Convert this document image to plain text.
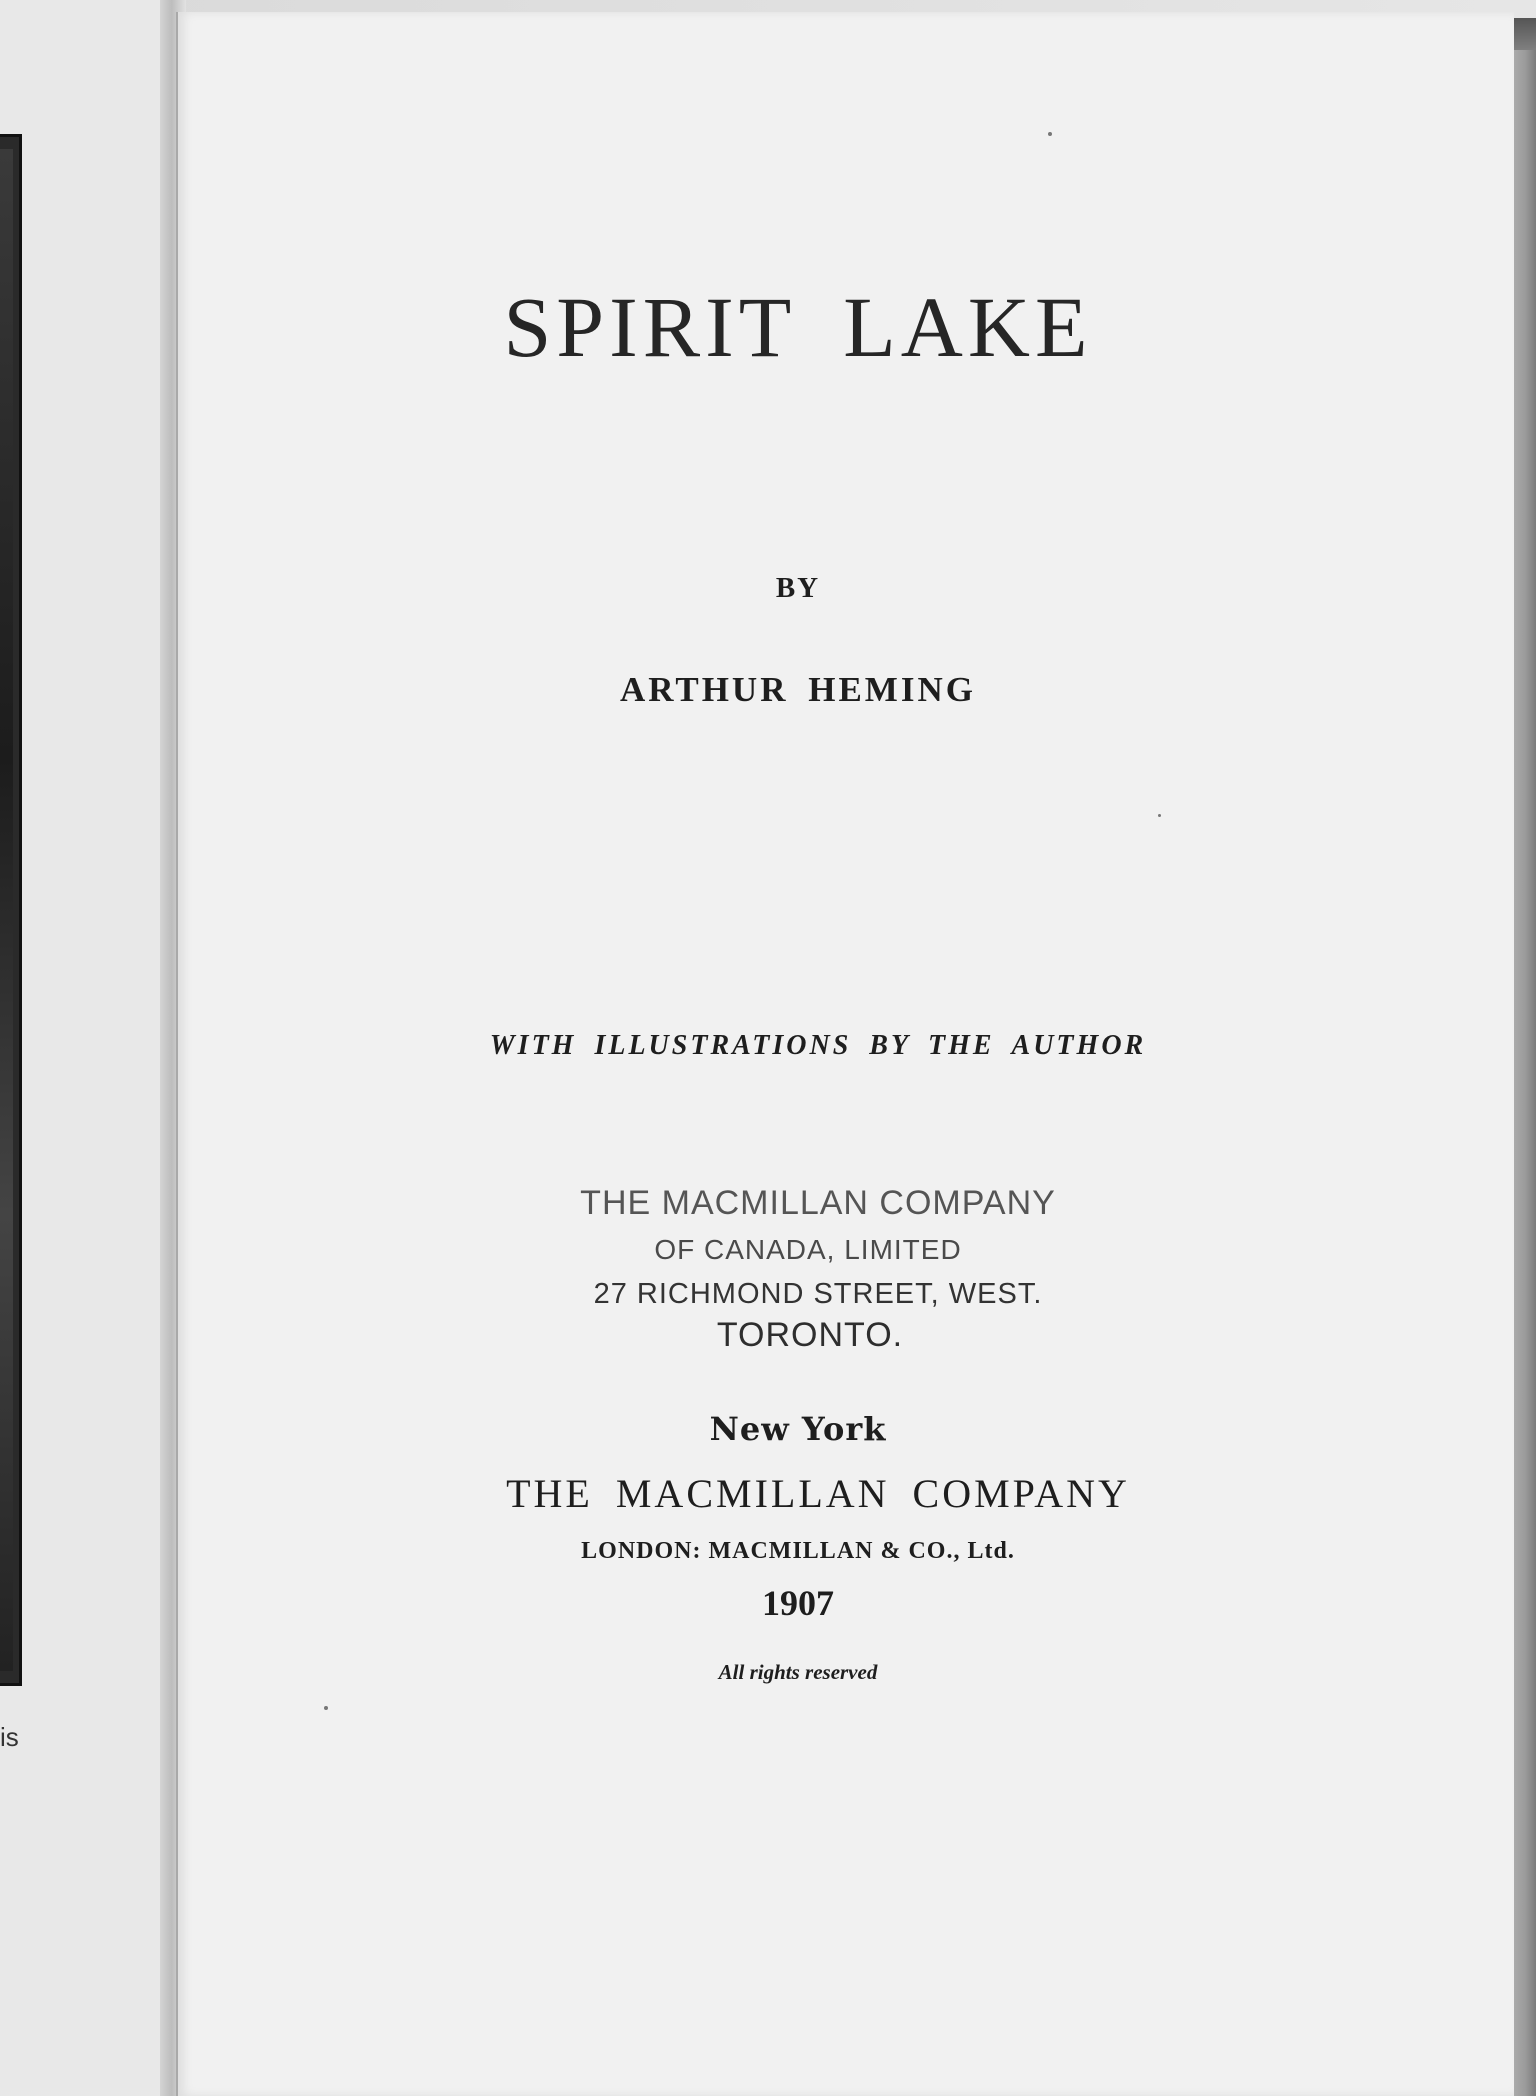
is
SPIRIT LAKE
BY
ARTHUR HEMING
WITH ILLUSTRATIONS BY THE AUTHOR
THE MACMILLAN COMPANY
OF CANADA, LIMITED
27 RICHMOND STREET, WEST.
TORONTO.
New York
THE MACMILLAN COMPANY
LONDON: MACMILLAN & CO., Ltd.
1907
All rights reserved
